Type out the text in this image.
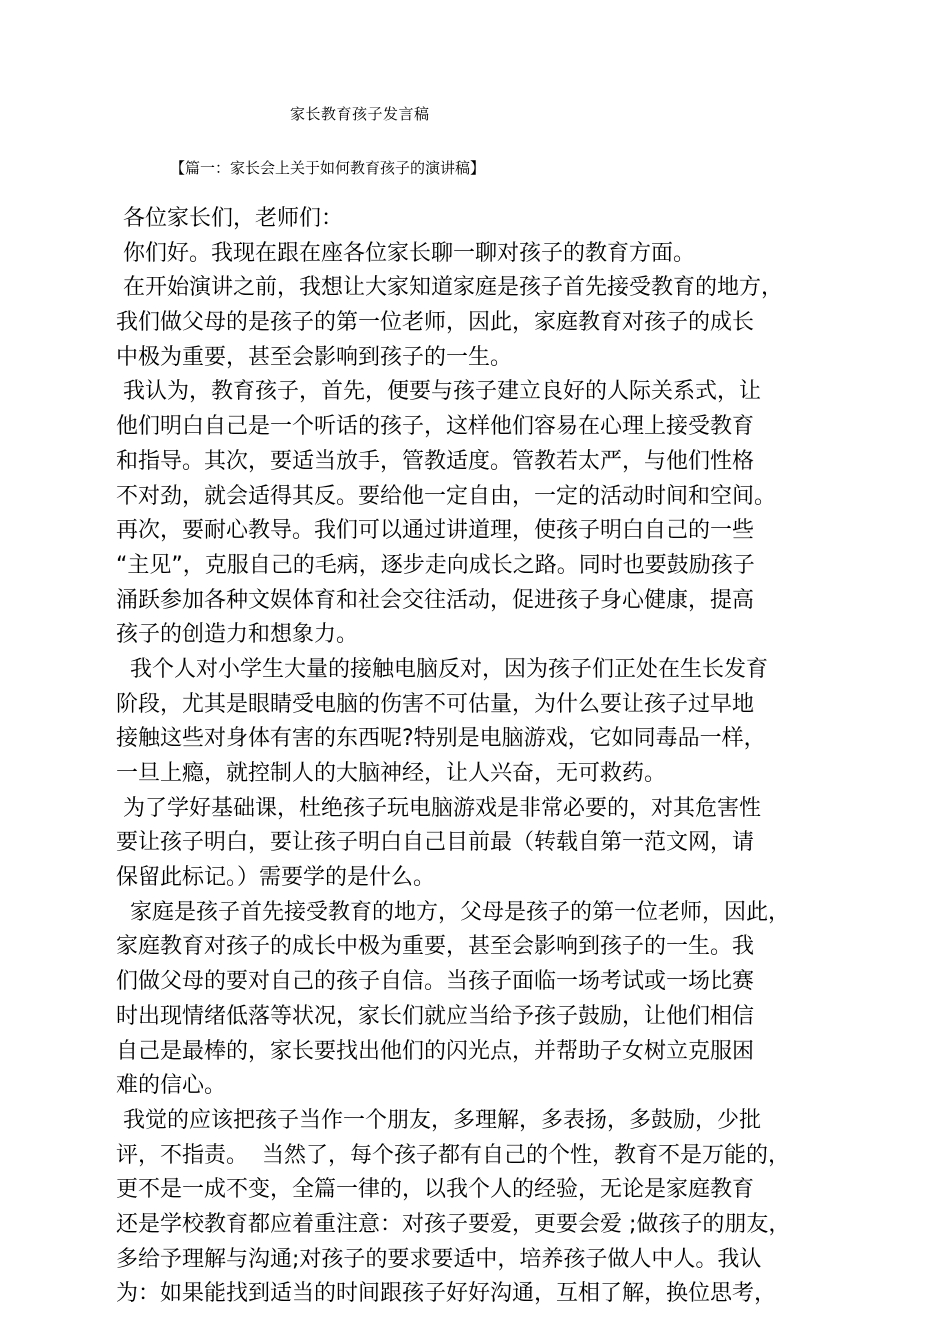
家长教育孩子发言稿
【篇一：家长会上关于如何教育孩子的演讲稿】
各位家长们，老师们：
你们好。我现在跟在座各位家长聊一聊对孩子的教育方面。
在开始演讲之前，我想让大家知道家庭是孩子首先接受教育的地方，
我们做父母的是孩子的第一位老师，因此，家庭教育对孩子的成长
中极为重要，甚至会影响到孩子的一生。
我认为，教育孩子，首先，便要与孩子建立良好的人际关系式，让
他们明白自己是一个听话的孩子，这样他们容易在心理上接受教育
和指导。其次，要适当放手，管教适度。管教若太严，与他们性格
不对劲，就会适得其反。要给他一定自由，一定的活动时间和空间。
再次，要耐心教导。我们可以通过讲道理，使孩子明白自己的一些
“主见”，克服自己的毛病，逐步走向成长之路。同时也要鼓励孩子
涌跃参加各种文娱体育和社会交往活动，促进孩子身心健康，提高
孩子的创造力和想象力。
我个人对小学生大量的接触电脑反对，因为孩子们正处在生长发育
阶段，尤其是眼睛受电脑的伤害不可估量，为什么要让孩子过早地
接触这些对身体有害的东西呢?特别是电脑游戏，它如同毒品一样，
一旦上瘾，就控制人的大脑神经，让人兴奋，无可救药。
为了学好基础课，杜绝孩子玩电脑游戏是非常必要的，对其危害性
要让孩子明白，要让孩子明白自己目前最（转载自第一范文网，请
保留此标记。）需要学的是什么。
家庭是孩子首先接受教育的地方，父母是孩子的第一位老师，因此，
家庭教育对孩子的成长中极为重要，甚至会影响到孩子的一生。我
们做父母的要对自己的孩子自信。当孩子面临一场考试或一场比赛
时出现情绪低落等状况，家长们就应当给予孩子鼓励，让他们相信
自己是最棒的，家长要找出他们的闪光点，并帮助子女树立克服困
难的信心。
我觉的应该把孩子当作一个朋友，多理解，多表扬，多鼓励，少批
评，不指责。  当然了，每个孩子都有自己的个性，教育不是万能的，
更不是一成不变，全篇一律的，以我个人的经验，无论是家庭教育
还是学校教育都应着重注意：对孩子要爱，更要会爱 ;做孩子的朋友，
多给予理解与沟通;对孩子的要求要适中，培养孩子做人中人。我认
为：如果能找到适当的时间跟孩子好好沟通，互相了解，换位思考，
